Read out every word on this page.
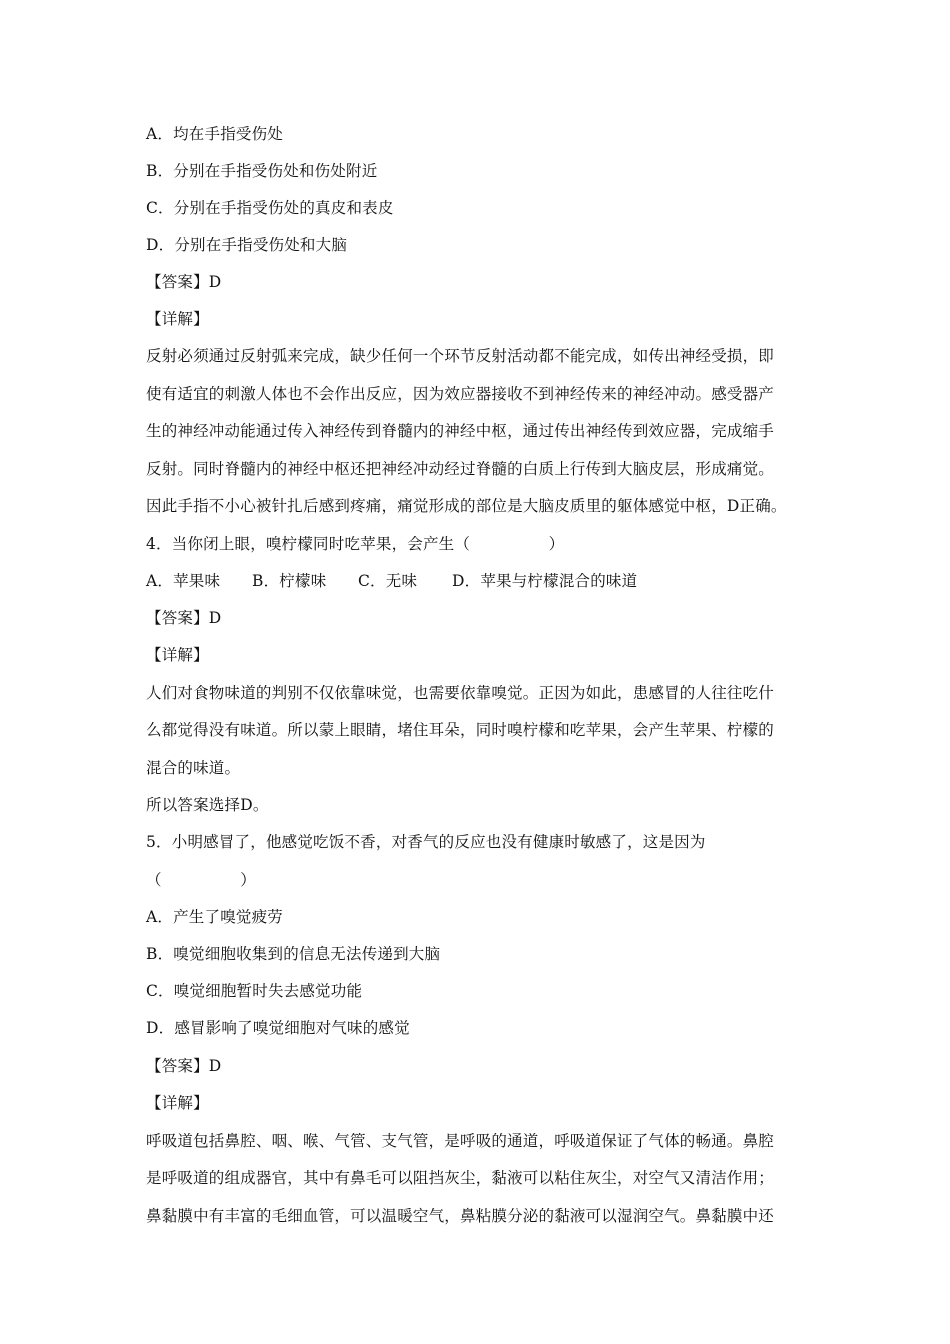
A．均在手指受伤处
B．分别在手指受伤处和伤处附近
C．分别在手指受伤处的真皮和表皮
D．分别在手指受伤处和大脑
【答案】D
【详解】
反射必须通过反射弧来完成，缺少任何一个环节反射活动都不能完成，如传出神经受损，即
使有适宜的刺激人体也不会作出反应，因为效应器接收不到神经传来的神经冲动。感受器产
生的神经冲动能通过传入神经传到脊髓内的神经中枢，通过传出神经传到效应器，完成缩手
反射。同时脊髓内的神经中枢还把神经冲动经过脊髓的白质上行传到大脑皮层，形成痛觉。
因此手指不小心被针扎后感到疼痛，痛觉形成的部位是大脑皮质里的躯体感觉中枢，D正确。
4．当你闭上眼，嗅柠檬同时吃苹果，会产生（　　　　　）
A．苹果味 B．柠檬味 C．无味 D．苹果与柠檬混合的味道
【答案】D
【详解】
人们对食物味道的判别不仅依靠味觉，也需要依靠嗅觉。正因为如此，患感冒的人往往吃什
么都觉得没有味道。所以蒙上眼睛，堵住耳朵，同时嗅柠檬和吃苹果，会产生苹果、柠檬的
混合的味道。
所以答案选择D。
5．小明感冒了，他感觉吃饭不香，对香气的反应也没有健康时敏感了，这是因为
（　　　　　）
A．产生了嗅觉疲劳
B．嗅觉细胞收集到的信息无法传递到大脑
C．嗅觉细胞暂时失去感觉功能
D．感冒影响了嗅觉细胞对气味的感觉
【答案】D
【详解】
呼吸道包括鼻腔、咽、喉、气管、支气管，是呼吸的通道，呼吸道保证了气体的畅通。鼻腔
是呼吸道的组成器官，其中有鼻毛可以阻挡灰尘，黏液可以粘住灰尘，对空气又清洁作用；
鼻黏膜中有丰富的毛细血管，可以温暖空气，鼻粘膜分泌的黏液可以湿润空气。鼻黏膜中还
